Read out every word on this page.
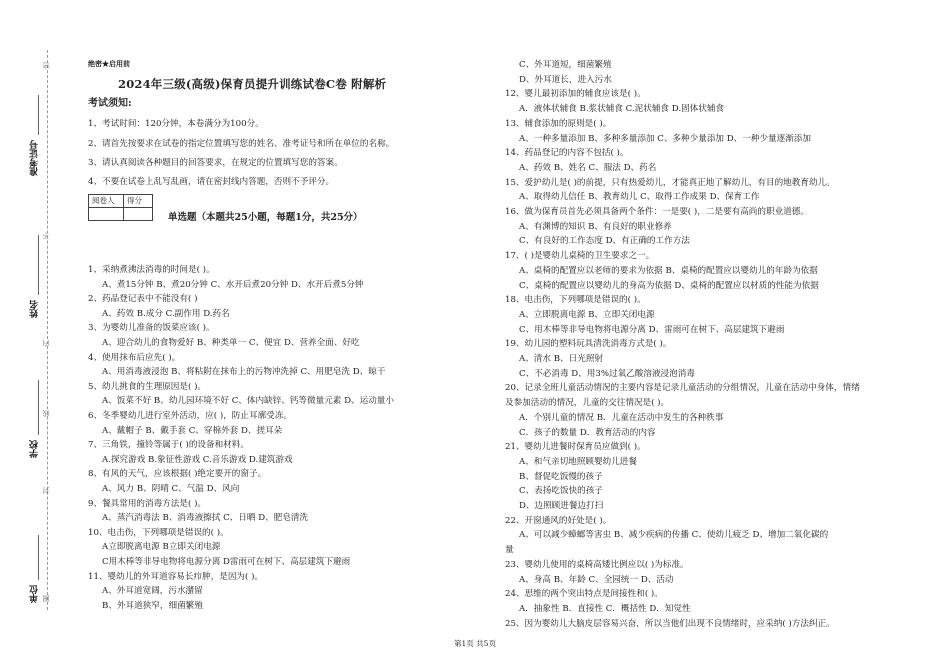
准考证号
姓名
学校
单位
密
不
内
线
封
圈
绝密★启用前
2024年三级(高级)保育员提升训练试卷C卷 附解析
考试须知:
1、考试时间：120分钟，本卷满分为100分。
2、请首先按要求在试卷的指定位置填写您的姓名、准考证号和所在单位的名称。
3、请认真阅读各种题目的回答要求，在规定的位置填写您的答案。
4、不要在试卷上乱写乱画，请在密封线内答题，否则不予评分。
阅卷人	得分

单选题（本题共25小题，每题1分，共25分）
1、采纳煮沸法消毒的时间是( )。
A、煮15分钟 B、煮20分钟 C、水开后煮20分钟 D、水开后煮5分钟
2、药品登记表中不能没有( )
A、药效 B.成分 C.副作用 D.药名
3、为婴幼儿准备的饭菜应该( )。
A、迎合幼儿的食物爱好 B、种类单一 C、便宜 D、营养全面、好吃
4、使用抹布后应先( )。
A、用消毒液浸泡 B、将粘附在抹布上的污物冲洗掉 C、用肥皂洗 D、晾干
5、幼儿挑食的生理原因是( )。
A、饭菜不好 B、幼儿园环境不好 C、体内缺锌、钙等微量元素 D、运动量小
6、冬季婴幼儿进行室外活动，应( )，防止耳廓受冻。
A、戴帽子 B、戴手套 C、穿棉外套 D、搓耳朵
7、三角铁，撞铃等属于( )的设备和材料。
A.探究游戏 B.象征性游戏 C.音乐游戏 D.建筑游戏
8、有风的天气，应该根据( )绝定要开的窗子。
A、风力 B、阴晴 C、气温 D、风向
9、餐具常用的消毒方法是( )。
A、蒸汽消毒法 B、消毒液擦拭 C、日晒 D、肥皂清洗
10、电击伤，下列哪项是错误的( )。
A立即脱离电源 B立即关闭电源
C用木棒等非导电物将电源分离 D雷雨可在树下、高层建筑下避雨
11、婴幼儿的外耳道容易长疖肿，是因为( )。
A、外耳道宽阔，污水潴留
B、外耳道狭窄，细菌繁殖
C、外耳道短，细菌繁殖
D、外耳道长，进入污水
12、婴儿最初添加的辅食应该是( )。
A．液体状辅食 B.浆状辅食 C.泥状辅食 D.固体状辅食
13、辅食添加的原则是( )。
A、一种多量添加 B、多种多量添加 C、多种少量添加 D、一种少量逐渐添加
14、药品登记的内容不包括( )。
A、药效 B、姓名 C、服法 D、药名
15、爱护幼儿是( )的前提，只有热爱幼儿，才能真正地了解幼儿，有目的地教育幼儿。
A、取得幼儿信任 B、教育幼儿 C、取得工作成果 D、保育工作
16、做为保育员首先必须具备两个条件：一是要( )，二是要有高尚的职业道德。
A、有渊博的知识 B、有良好的职业修养
C、有良好的工作态度 D、有正确的工作方法
17、( )是婴幼儿桌椅的卫生要求之一。
A、桌椅的配置应以老师的要求为依据 B、桌椅的配置应以婴幼儿的年龄为依据
C、桌椅的配置应以婴幼儿的身高为依据 D、桌椅的配置应以材质的性能为依据
18、电击伤，下列哪项是错误的( )。
A、立即脱离电源 B、立即关闭电源
C、用木棒等非导电物将电源分离 D、雷雨可在树下、高层建筑下避雨
19、幼儿园的塑料玩具清洗消毒方式是( )。
A、清水 B、日光照射
C、不必消毒 D、用3%过氧乙酸溶液浸泡消毒
20、记录全班儿童活动情况的主要内容是记录儿童活动的分组情况，儿童在活动中身体，情绪
及参加活动的情况，儿童的交往情况是( )。
A．个别儿童的情况 B．儿童在活动中发生的各种秩事
C．孩子的数量 D．教育活动的内容
21、婴幼儿进餐时保育员应做到( )。
A、和气亲切地照顾婴幼儿进餐
B、督促吃饭慢的孩子
C、表扬吃饭快的孩子
D、边照顾进餐边打扫
22、开窗通风的好处是( )。
A、可以减少蟑螂等害虫 B、减少疾病的传播 C、使幼儿疲乏 D、增加二氧化碳的
量
23、婴幼儿使用的桌椅高矮比例应以( )为标准。
A、身高 B、年龄 C、全园统一 D、活动
24、思维的两个突出特点是间接性和( )。
A．抽象性 B．直接性 C．概括性 D．知觉性
25、因为婴幼儿大脑皮层容易兴奋，所以当他们出现不良情绪时，应采纳( )方法纠正。
第1页 共5页
